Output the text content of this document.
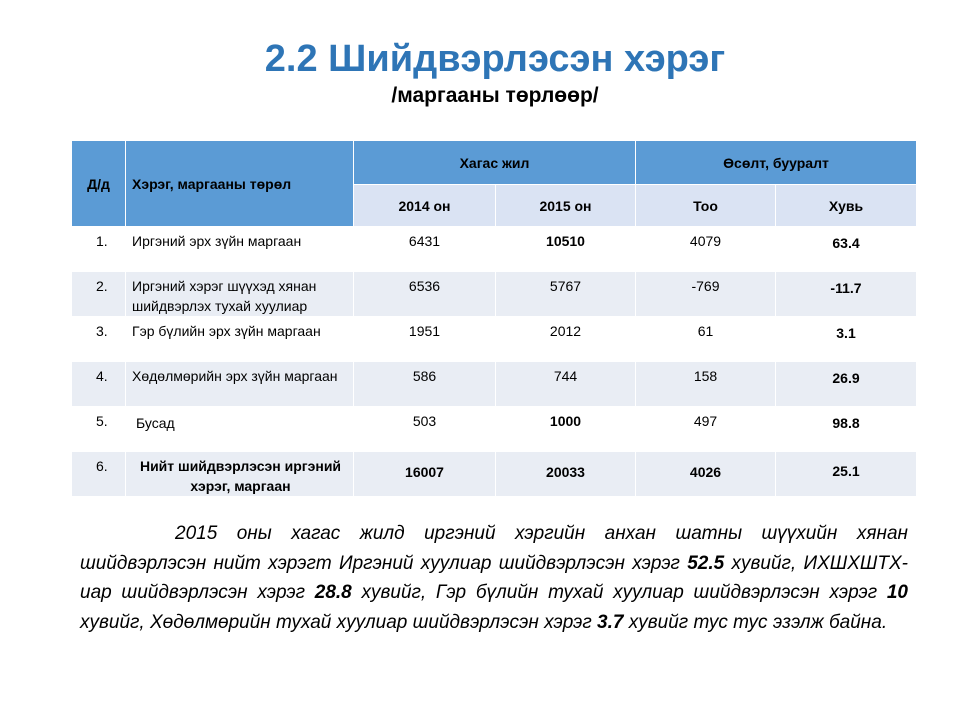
2.2 Шийдвэрлэсэн хэрэг
/маргааны төрлөөр/
Д/д	Хэрэг, маргааны төрөл	Хагас жил		Өсөлт, бууралт	
		2014 он	2015 он	Тоо	Хувь
1.	Иргэний эрх зүйн маргаан	6431	10510	4079	63.4
2.	Иргэний хэрэг шүүхэд хянан шийдвэрлэх тухай хуулиар	6536	5767	-769	-11.7
3.	Гэр бүлийн эрх зүйн маргаан	1951	2012	61	3.1
4.	Хөдөлмөрийн эрх зүйн маргаан	586	744	158	26.9
5.	Бусад	503	1000	497	98.8
6.	Нийт шийдвэрлэсэн иргэний хэрэг, маргаан	16007	20033	4026	25.1
2015 оны хагас жилд иргэний хэргийн анхан шатны шүүхийн хянан шийдвэрлэсэн нийт хэрэгт Иргэний хуулиар шийдвэрлэсэн хэрэг 52.5 хувийг, ИХШХШТХ-иар шийдвэрлэсэн хэрэг 28.8 хувийг, Гэр бүлийн тухай хуулиар шийдвэрлэсэн хэрэг 10 хувийг, Хөдөлмөрийн тухай хуулиар шийдвэрлэсэн хэрэг 3.7 хувийг тус тус эзэлж байна.
